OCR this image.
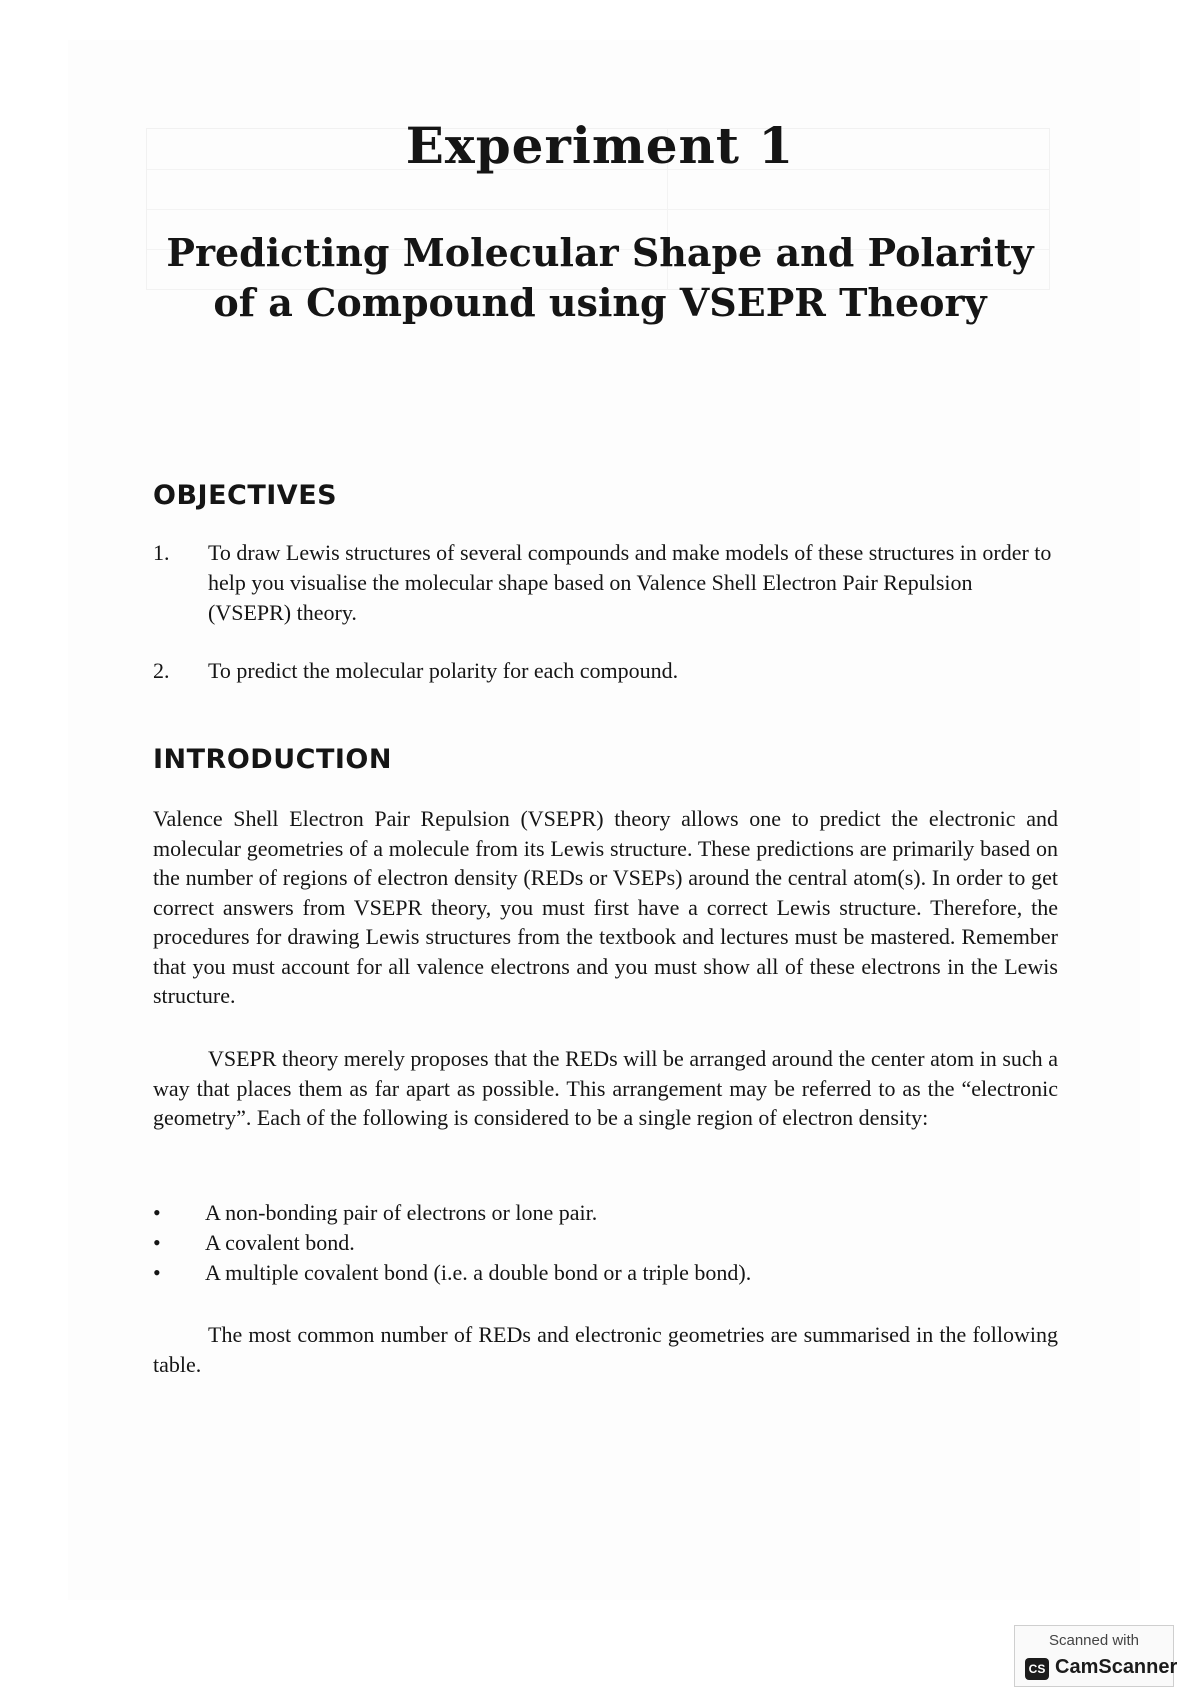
Experiment 1
Predicting Molecular Shape and Polarity
of a Compound using VSEPR Theory
OBJECTIVES
1. To draw Lewis structures of several compounds and make models of these structures in order to help you visualise the molecular shape based on Valence Shell Electron Pair Repulsion (VSEPR) theory.
2. To predict the molecular polarity for each compound.
INTRODUCTION
Valence Shell Electron Pair Repulsion (VSEPR) theory allows one to predict the electronic and molecular geometries of a molecule from its Lewis structure. These predictions are primarily based on the number of regions of electron density (REDs or VSEPs) around the central atom(s). In order to get correct answers from VSEPR theory, you must first have a correct Lewis structure. Therefore, the procedures for drawing Lewis structures from the textbook and lectures must be mastered. Remember that you must account for all valence electrons and you must show all of these electrons in the Lewis structure.
VSEPR theory merely proposes that the REDs will be arranged around the center atom in such a way that places them as far apart as possible. This arrangement may be referred to as the “electronic geometry”. Each of the following is considered to be a single region of electron density:
• A non-bonding pair of electrons or lone pair.
• A covalent bond.
• A multiple covalent bond (i.e. a double bond or a triple bond).
The most common number of REDs and electronic geometries are summarised in the following table.
Scanned with
CS CamScanner
